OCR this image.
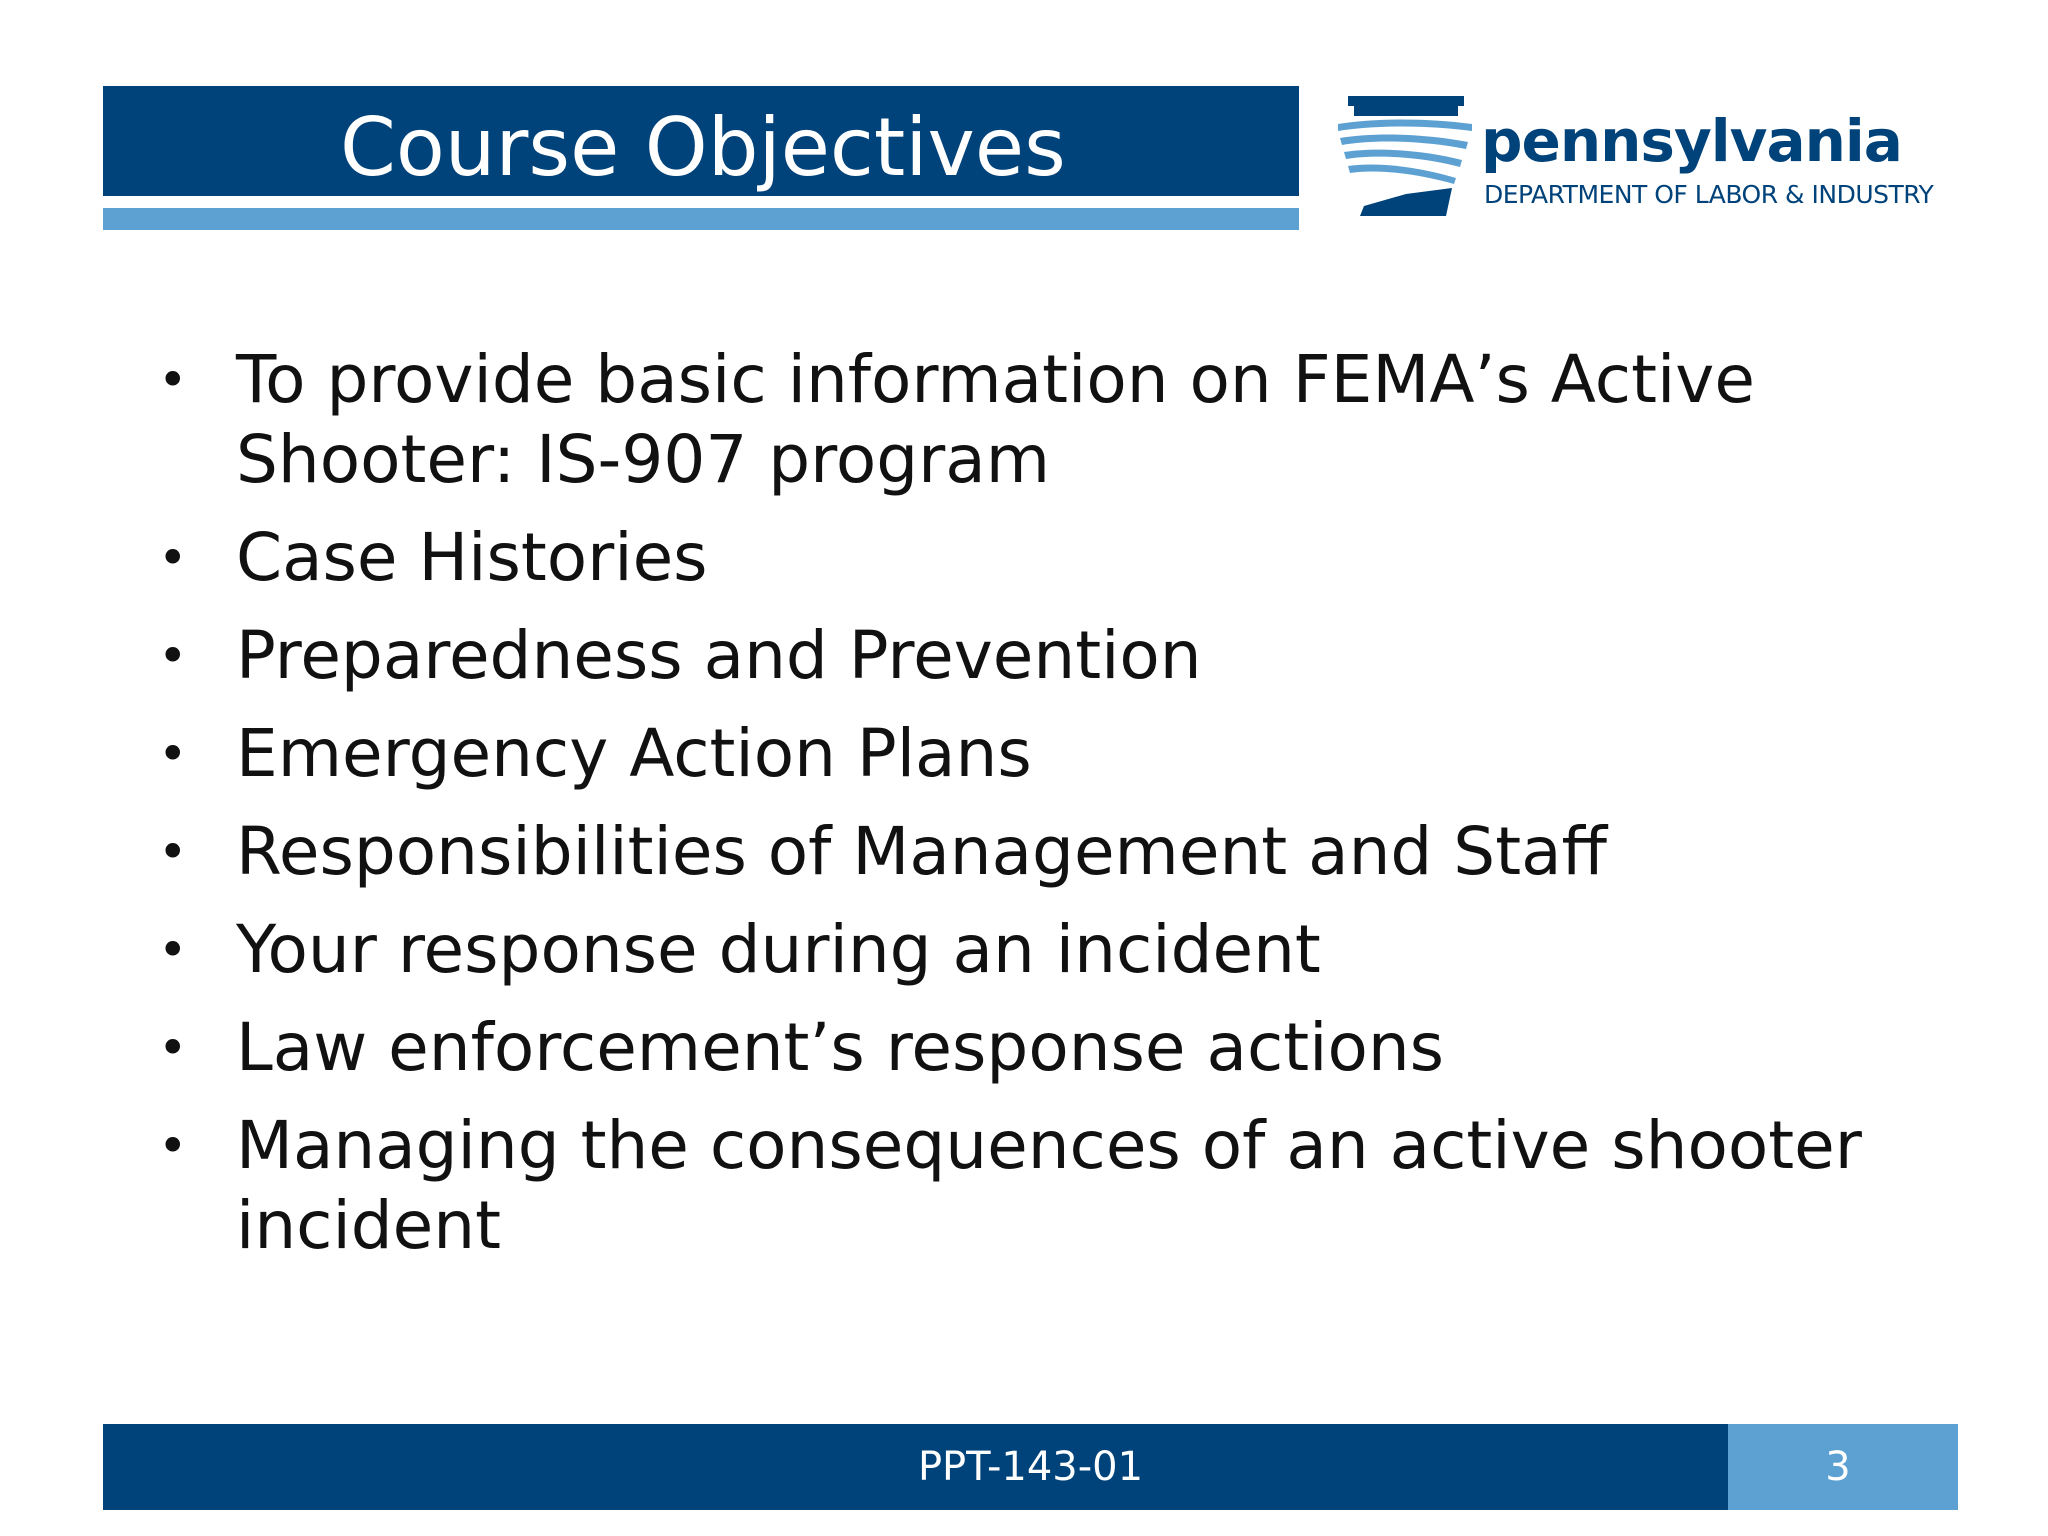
Course Objectives	pennsylvania
DEPARTMENT OF LABOR & INDUSTRY
• To provide basic information on FEMA’s Active Shooter: IS-907 program
• Case Histories
• Preparedness and Prevention
• Emergency Action Plans
• Responsibilities of Management and Staff
• Your response during an incident
• Law enforcement’s response actions
• Managing the consequences of an active shooter incident
PPT-143-01	3
